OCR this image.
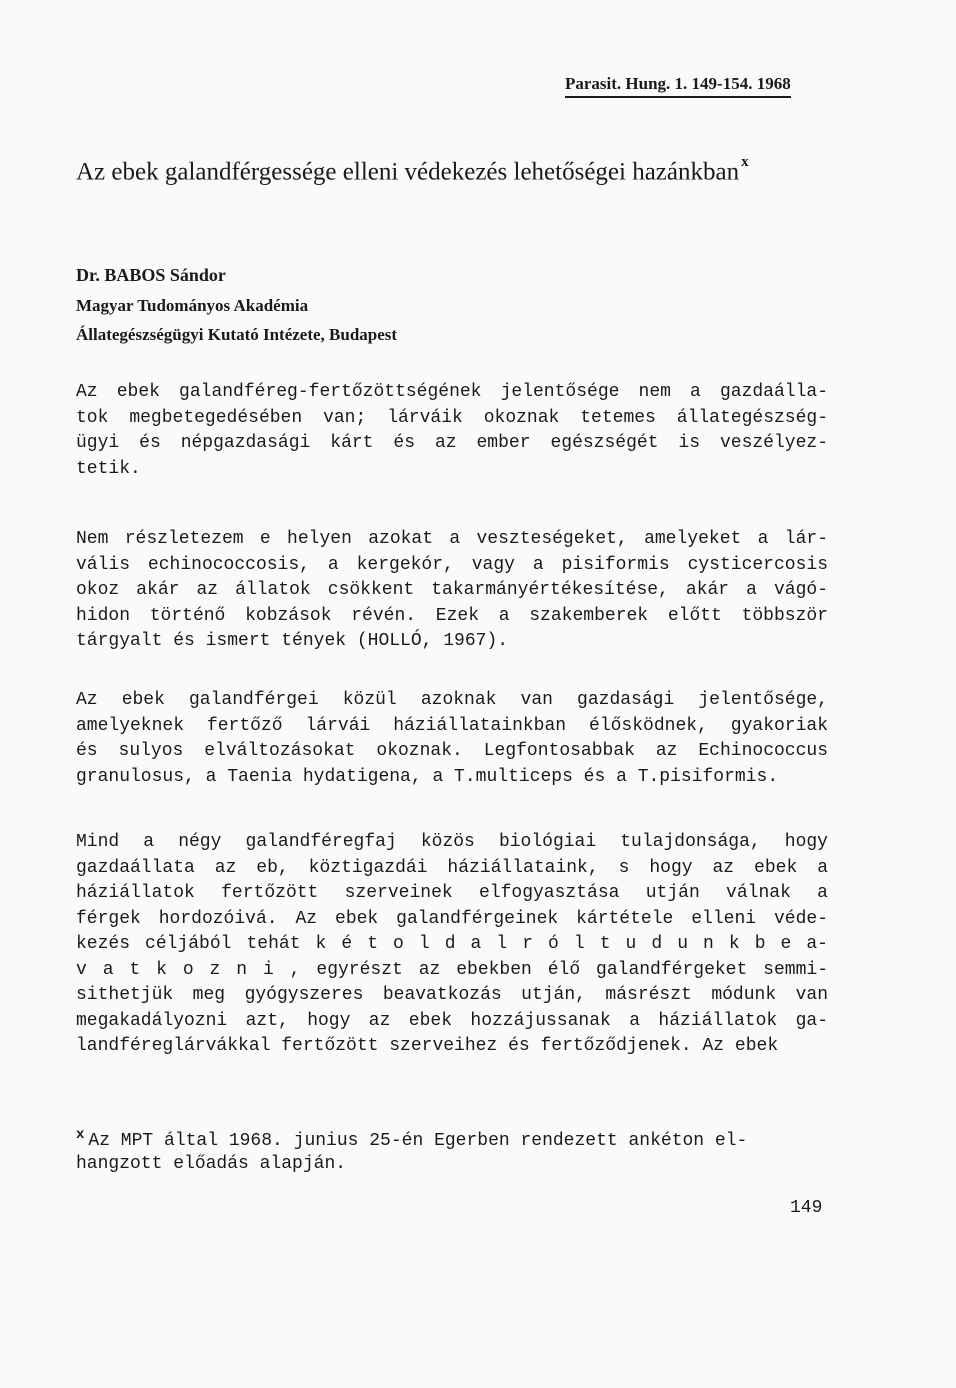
Parasit. Hung. 1. 149-154. 1968
Az ebek galandférgessége elleni védekezés lehetőségei hazánkban $^x$
Dr. BABOS Sándor
Magyar Tudományos Akadémia
Állategészségügyi Kutató Intézete, Budapest
Az ebek galandféreg-fertőzöttségének jelentősége nem a gazdaálla-
tok megbetegedésében van; lárváik okoznak tetemes állategészség-
ügyi és népgazdasági kárt és az ember egészségét is veszélyez-
tetik.
Nem részletezem e helyen azokat a veszteségeket, amelyeket a lár-
vális echinococcosis, a kergekór, vagy a pisiformis cysticercosis
okoz akár az állatok csökkent takarmányértékesítése, akár a vágó-
hidon történő kobzások révén. Ezek a szakemberek előtt többször
tárgyalt és ismert tények (HOLLÓ, 1967).
Az ebek galandférgei közül azoknak van gazdasági jelentősége,
amelyeknek fertőző lárvái háziállatainkban élősködnek, gyakoriak
és sulyos elváltozásokat okoznak. Legfontosabbak az Echinococcus
granulosus, a Taenia hydatigena, a T.multiceps és a T.pisiformis.
Mind a négy galandféregfaj közös biológiai tulajdonsága, hogy
gazdaállata az eb, köztigazdái háziállataink, s hogy az ebek a
háziállatok fertőzött szerveinek elfogyasztása utján válnak a
férgek hordozóivá. Az ebek galandférgeinek kártétele elleni véde-
kezés céljából tehát k é t o l d a l r ó l t u d u n k b e a-
v a t k o z n i , egyrészt az ebekben élő galandférgeket semmi-
sithetjük meg gyógyszeres beavatkozás utján, másrészt módunk van
megakadályozni azt, hogy az ebek hozzájussanak a háziállatok ga-
landféreglárvákkal fertőzött szerveihez és fertőződjenek. Az ebek
$^x$ Az MPT által 1968. junius 25-én Egerben rendezett ankéton el-
hangzott előadás alapján.
149
